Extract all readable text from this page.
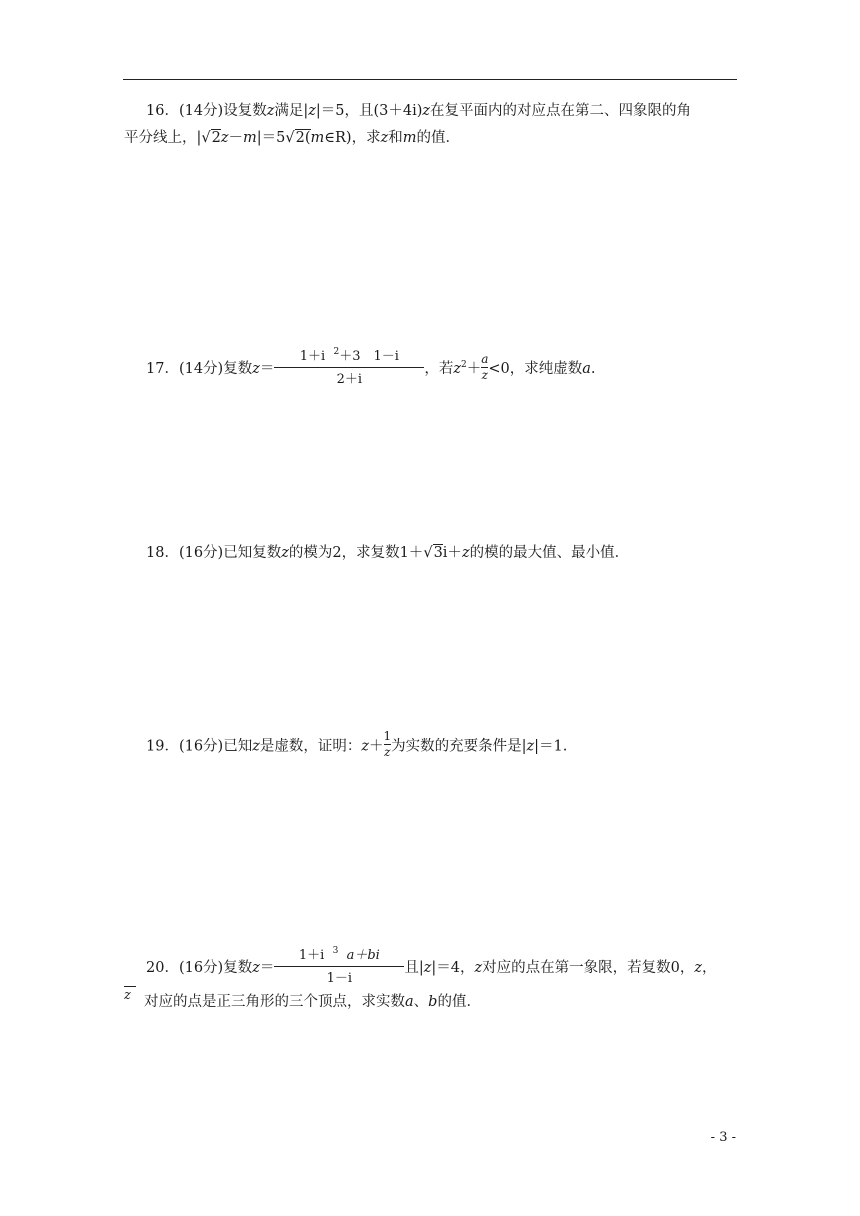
16．(14分)设复数z满足|z|＝5，且(3＋4i)z在复平面内的对应点在第二、四象限的角
平分线上，|√2z－m|＝5√2(m∈R)，求z和m的值．
17．(14分)复数$z= \frac{1+i ^2+3 1-i}{2+i}$ ，若$z^2+ \frac{a}{z} <0$，求纯虚数a.
18．(16分)已知复数z的模为2，求复数1＋√3i＋z的模的最大值、最小值．
19．(16分)已知z是虚数，证明：$z+ \frac{1}{z}$ 为实数的充要条件是|z|＝1.
20．(16分)复数$z= \frac{1+i ^3 a+bi}{1-i}$ 且|z|＝4，z对应的点在第一象限，若复数0，z，
z 对应的点是正三角形的三个顶点，求实数a、b的值．
- 3 -
